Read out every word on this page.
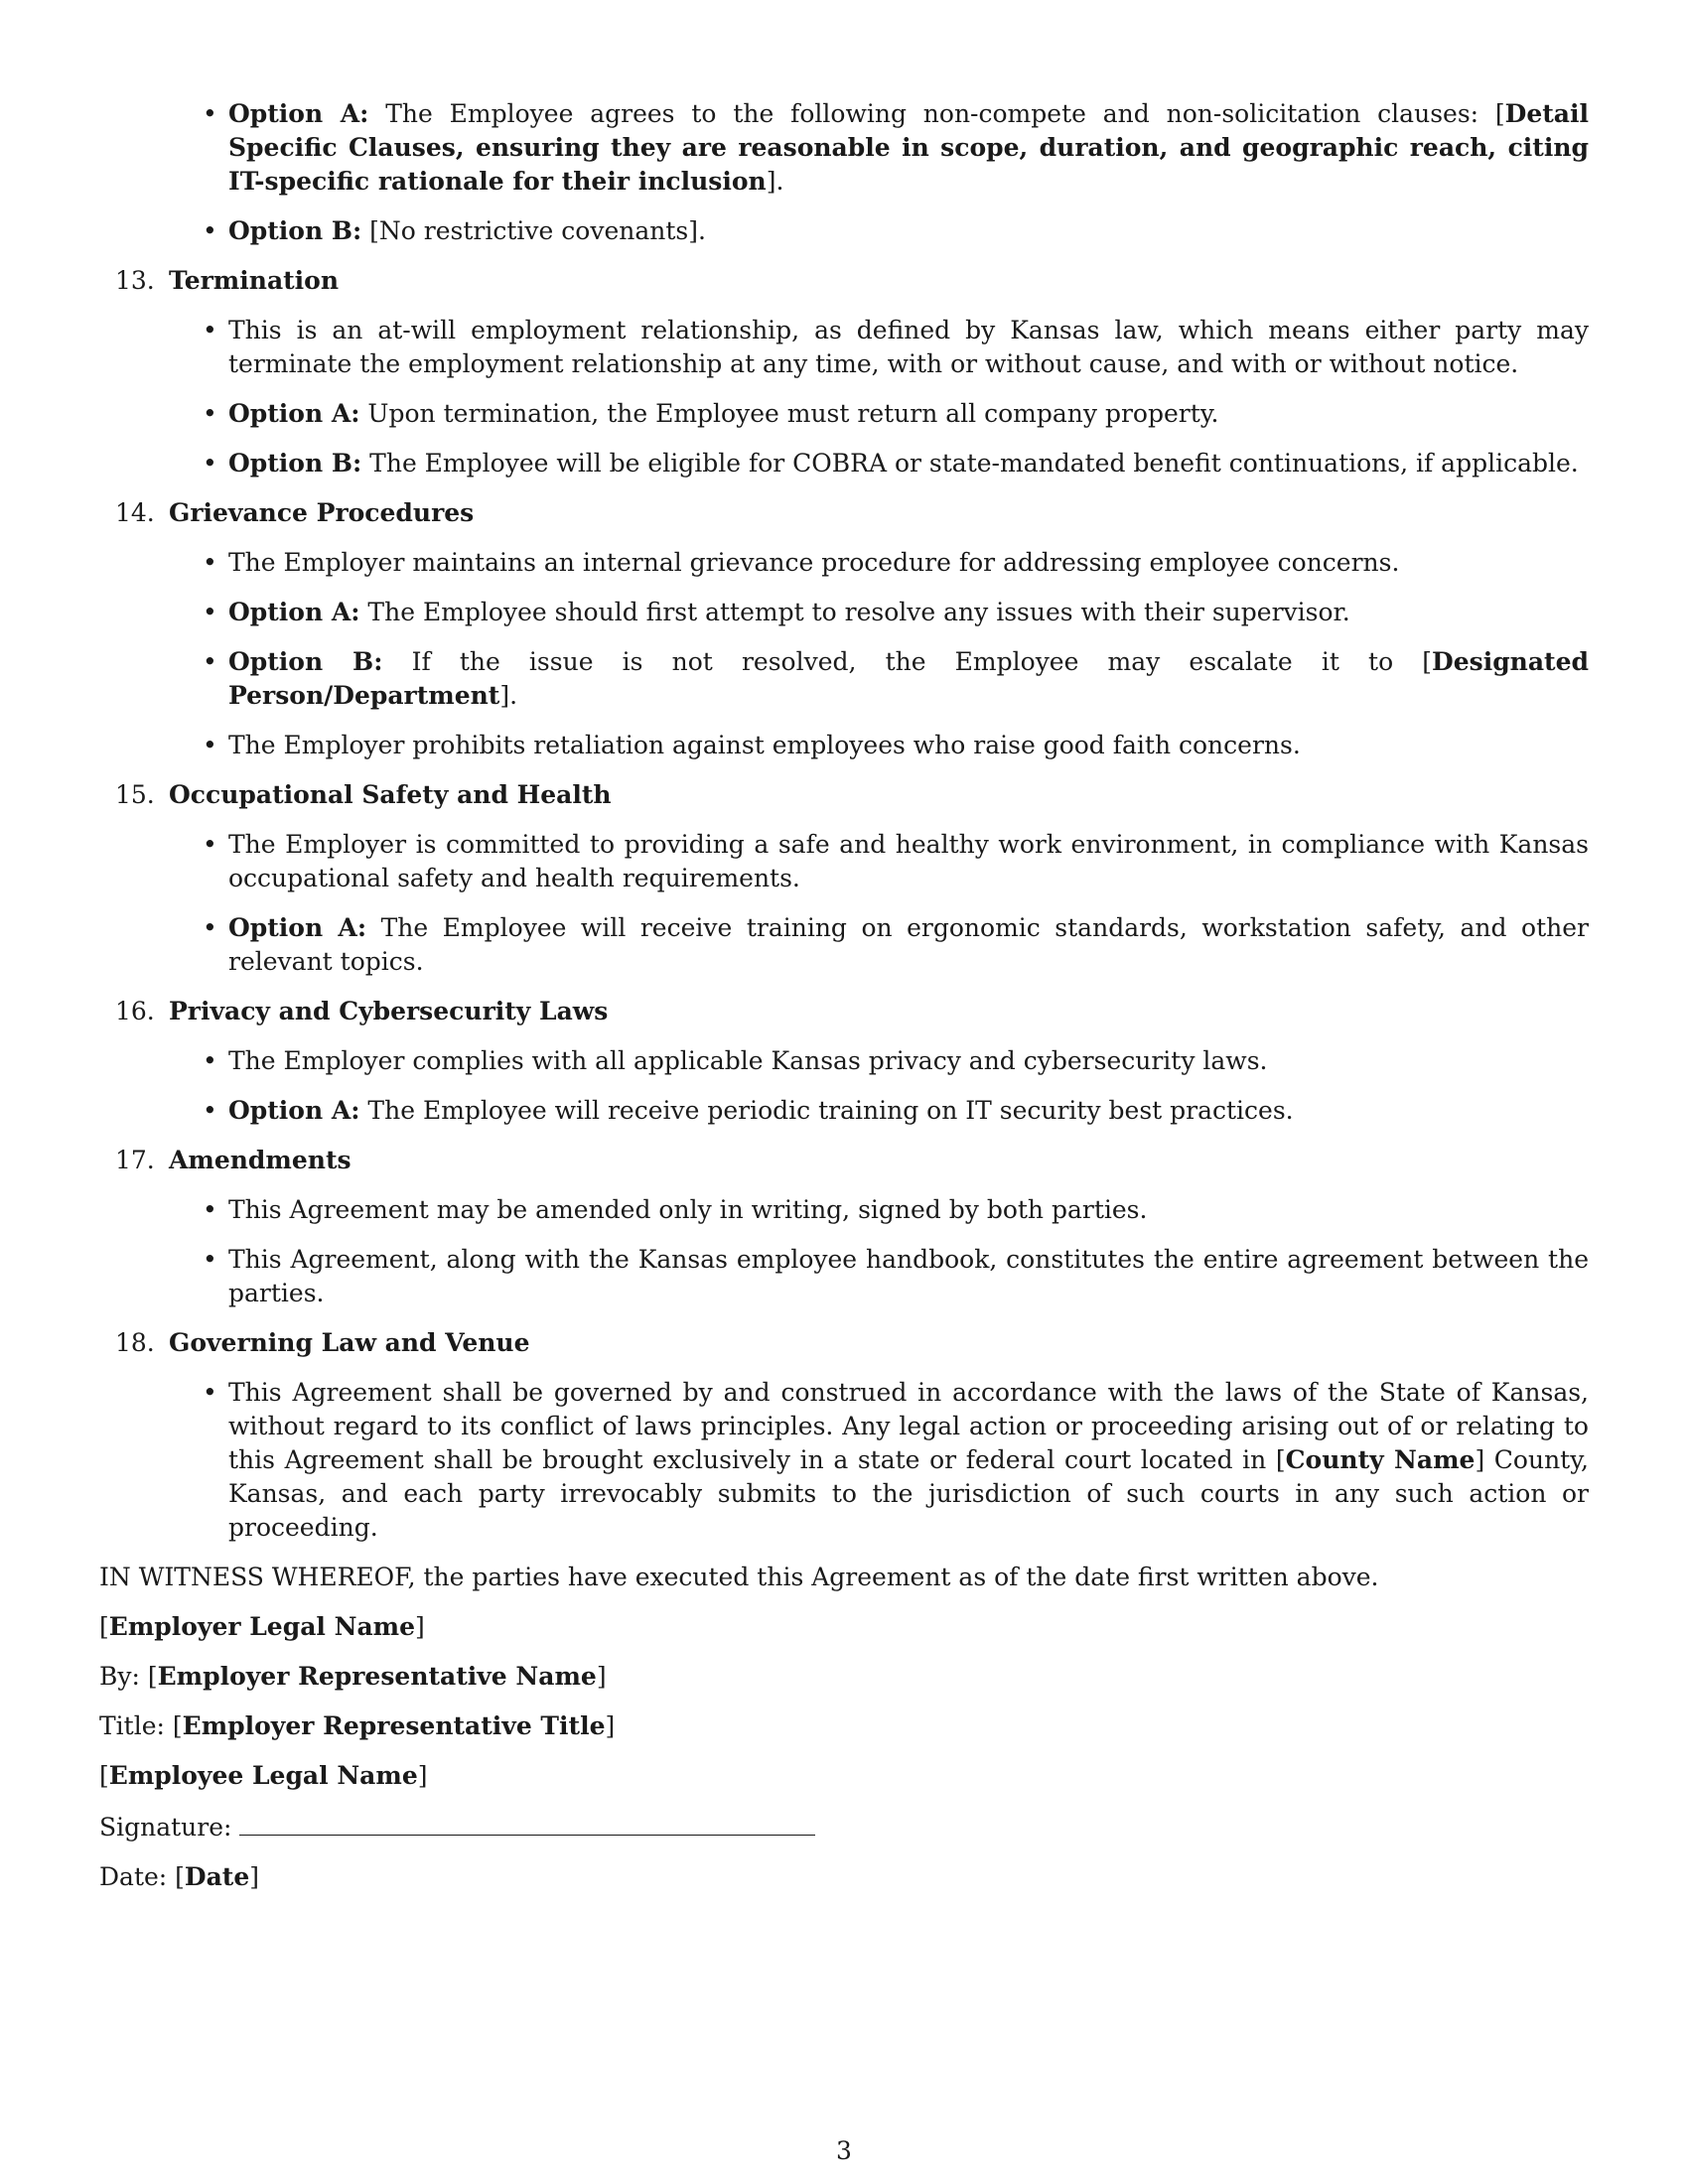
• Option A: The Employee agrees to the following non-compete and non-solicitation clauses: [Detail Specific Clauses, ensuring they are reasonable in scope, duration, and geographic reach, citing IT-specific rationale for their inclusion].
• Option B: [No restrictive covenants].
13. Termination
• This is an at-will employment relationship, as defined by Kansas law, which means either party may terminate the employment relationship at any time, with or without cause, and with or without notice.
• Option A: Upon termination, the Employee must return all company property.
• Option B: The Employee will be eligible for COBRA or state-mandated benefit continuations, if applicable.
14. Grievance Procedures
• The Employer maintains an internal grievance procedure for addressing employee concerns.
• Option A: The Employee should first attempt to resolve any issues with their supervisor.
• Option B: If the issue is not resolved, the Employee may escalate it to [Designated Person/Department].
• The Employer prohibits retaliation against employees who raise good faith concerns.
15. Occupational Safety and Health
• The Employer is committed to providing a safe and healthy work environment, in compliance with Kansas occupational safety and health requirements.
• Option A: The Employee will receive training on ergonomic standards, workstation safety, and other relevant topics.
16. Privacy and Cybersecurity Laws
• The Employer complies with all applicable Kansas privacy and cybersecurity laws.
• Option A: The Employee will receive periodic training on IT security best practices.
17. Amendments
• This Agreement may be amended only in writing, signed by both parties.
• This Agreement, along with the Kansas employee handbook, constitutes the entire agreement between the parties.
18. Governing Law and Venue
• This Agreement shall be governed by and construed in accordance with the laws of the State of Kansas, without regard to its conflict of laws principles. Any legal action or proceeding arising out of or relating to this Agreement shall be brought exclusively in a state or federal court located in [County Name] County, Kansas, and each party irrevocably submits to the jurisdiction of such courts in any such action or proceeding.
IN WITNESS WHEREOF, the parties have executed this Agreement as of the date first written above.
[Employer Legal Name]
By: [Employer Representative Name]
Title: [Employer Representative Title]
[Employee Legal Name]
Signature:
Date: [Date]
3
